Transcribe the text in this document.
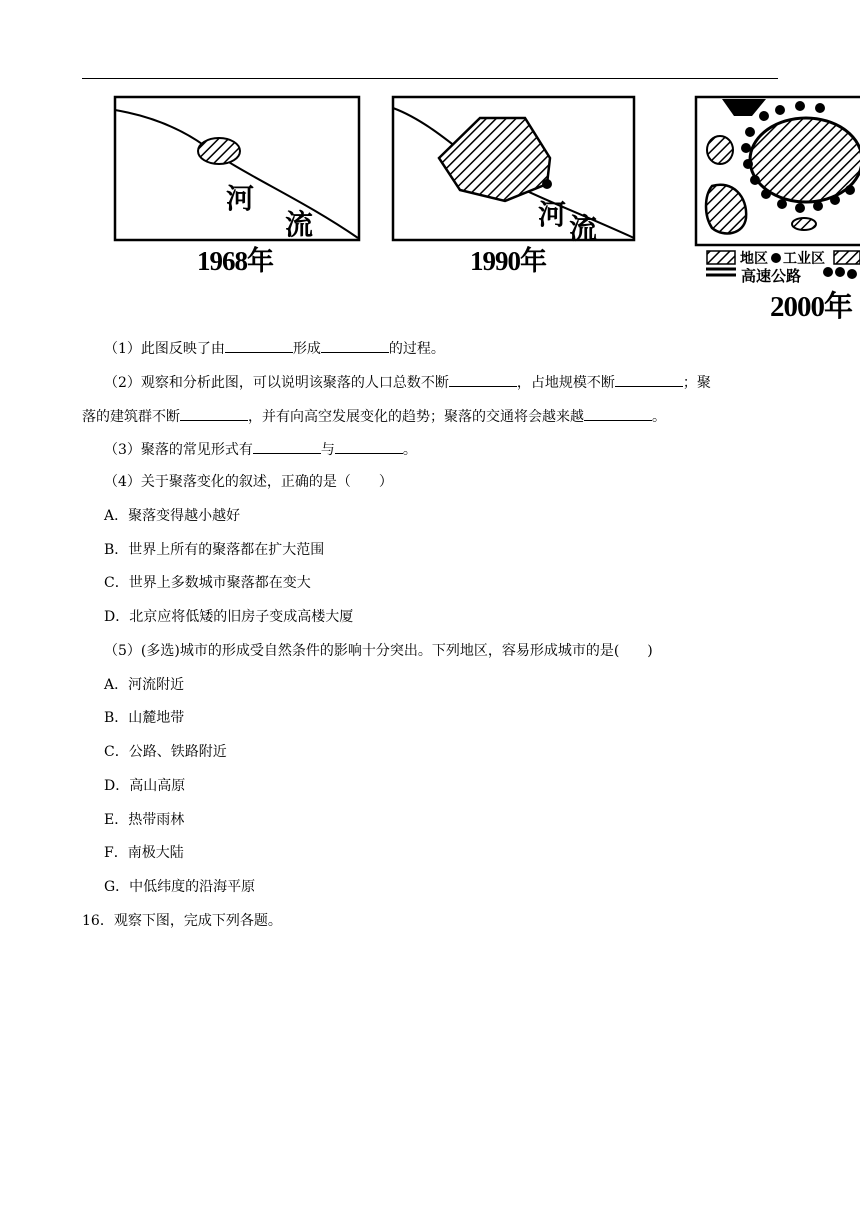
河
流
1968年
河 流
1990年	地区 工业区
高速公路
2000年
（1）此图反映了由	形成	的过程。
（2）观察和分析此图，可以说明该聚落的人口总数不断	，占地规模不断	；聚
落的建筑群不断	，并有向高空发展变化的趋势；聚落的交通将会越来越	。
（3）聚落的常见形式有	与	。
（4）关于聚落变化的叙述，正确的是（　　）
A．聚落变得越小越好
B．世界上所有的聚落都在扩大范围
C．世界上多数城市聚落都在变大
D．北京应将低矮的旧房子变成高楼大厦
（5）(多选)城市的形成受自然条件的影响十分突出。下列地区，容易形成城市的是(　　)
A．河流附近
B．山麓地带
C．公路、铁路附近
D．高山高原
E．热带雨林
F．南极大陆
G．中低纬度的沿海平原
16．观察下图，完成下列各题。
